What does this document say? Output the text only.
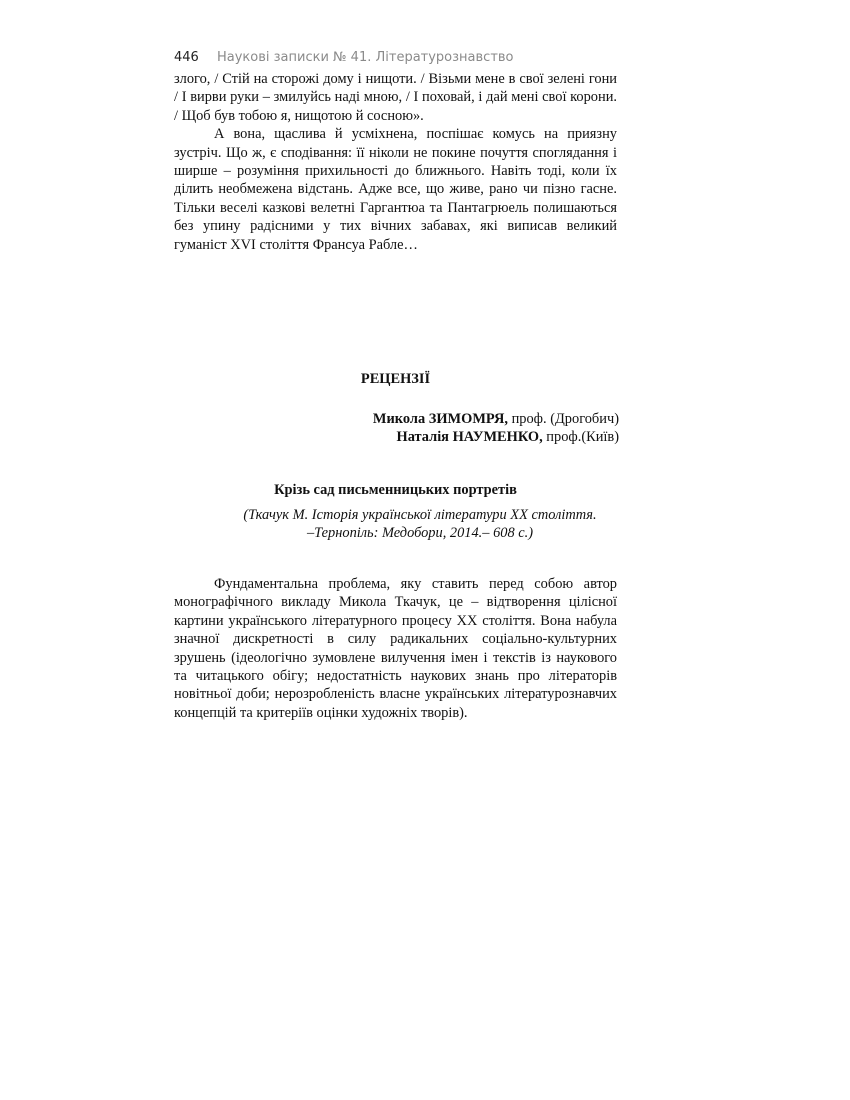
446 Наукові записки № 41. Літературознавство

злого, / Стій на сторожі дому і нищоти. / Візьми мене в свої зелені гони / І вирви руки – змилуйсь наді мною, / І поховай, і дай мені свої корони. / Щоб був тобою я, нищотою й сосною».

А вона, щаслива й усміхнена, поспішає комусь на приязну зустріч. Що ж, є сподівання: її ніколи не покине почуття споглядання і ширше – розуміння прихильності до ближнього. Навіть тоді, коли їх ділить необмежена відстань. Адже все, що живе, рано чи пізно гасне. Тільки веселі казкові велетні Гаргантюа та Пантагрюель полишаються без упину радісними у тих вічних забавах, які виписав великий гуманіст XVI століття Франсуа Рабле…

РЕЦЕНЗІЇ
Микола ЗИМОМРЯ, проф. (Дрогобич)
Наталія НАУМЕНКО, проф.(Київ)
Крізь сад письменницьких портретів
(Ткачук М. Історія української літератури ХХ століття.
–Тернопіль: Медобори, 2014.– 608 с.)

Фундаментальна проблема, яку ставить перед собою автор монографічного викладу Микола Ткачук, це – відтворення цілісної картини українського літературного процесу ХХ століття. Вона набула значної дискретності в силу радикальних соціально-культурних зрушень (ідеологічно зумовлене вилучення імен і текстів із наукового та читацького обігу; недостатність наукових знань про літераторів новітньої доби; нерозробленість власне українських літературознавчих концепцій та критеріїв оцінки художніх творів).
